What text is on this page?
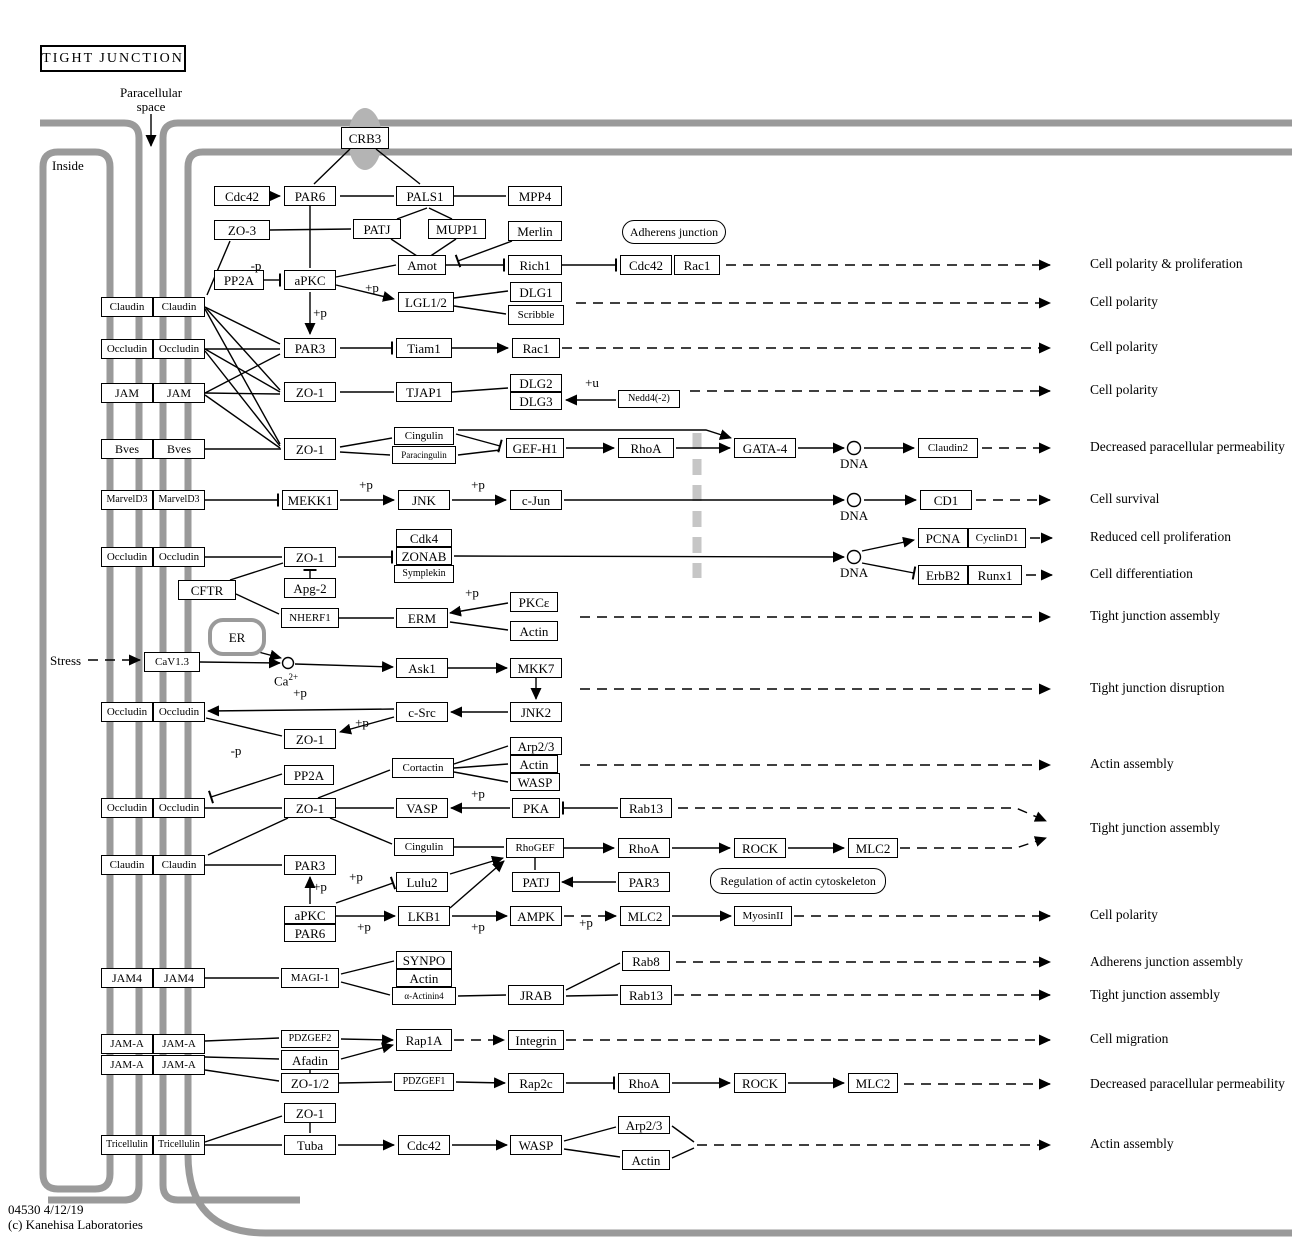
TIGHT JUNCTION
Paracellular
space
Inside
Stress
DNA
DNA
DNA
$Ca^{2+}$
04530 4/12/19
(c) Kanehisa Laboratories
CRB3
Cdc42	PAR6	PALS1	MPP4
ZO-3	PATJ	MUPP1	Merlin	Adherens junction
PP2A	aPKC
Amot	Rich1	Cdc42	Rac1
LGL1/2
DLG1
Scribble
Claudin	Claudin
Occludin	Occludin
JAM	JAM
Bves	Bves
MarvelD3	MarvelD3
Occludin	Occludin
PAR3	Tiam1	Rac1
ZO-1	TJAP1
DLG2
DLG3	Nedd4(-2)
ZO-1
Cingulin
Paracingulin	GEF-H1	RhoA	GATA-4	Claudin2
MEKK1	JNK	c-Jun	CD1
ZO-1
Cdk4
ZONAB
Symplekin
PCNA	CyclinD1
ErbB2	Runx1
CFTR	Apg-2
NHERF1	ERM
PKCε
Actin
ER
CaV1.3	Ask1	MKK7
Occludin	Occludin	c-Src	JNK2
ZO-1
PP2A	Cortactin
Arp2/3
Actin
WASP
Occludin	Occludin	ZO-1	VASP	PKA	Rab13
Cingulin	RhoGEF	RhoA	ROCK	MLC2
Claudin	Claudin	PAR3
Lulu2	PATJ	PAR3	Regulation of actin cytoskeleton
aPKC
PAR6
LKB1	AMPK	MLC2	MyosinII
JAM4	JAM4	MAGI-1
SYNPO
Actin
α-Actinin4	JRAB
Rab8
Rab13
JAM-A	JAM-A
JAM-A	JAM-A
PDZGEF2
Afadin
ZO-1/2
Rap1A	Integrin
PDZGEF1	Rap2c	RhoA	ROCK	MLC2
ZO-1
Tuba
Tricellulin	Tricellulin	Cdc42	WASP
Arp2/3
Actin
Cell polarity & proliferation
Cell polarity
Cell polarity
Cell polarity
Decreased paracellular permeability
Cell survival
Reduced cell proliferation
Cell differentiation
Tight junction assembly
Tight junction disruption
Actin assembly
Tight junction assembly
Cell polarity
Adherens junction assembly
Tight junction assembly
Cell migration
Decreased paracellular permeability
Actin assembly
-p
+p
+p
+u
+p	+p
+p
+p
+p
-p
+p
+p
+p
+p	+p	+p
